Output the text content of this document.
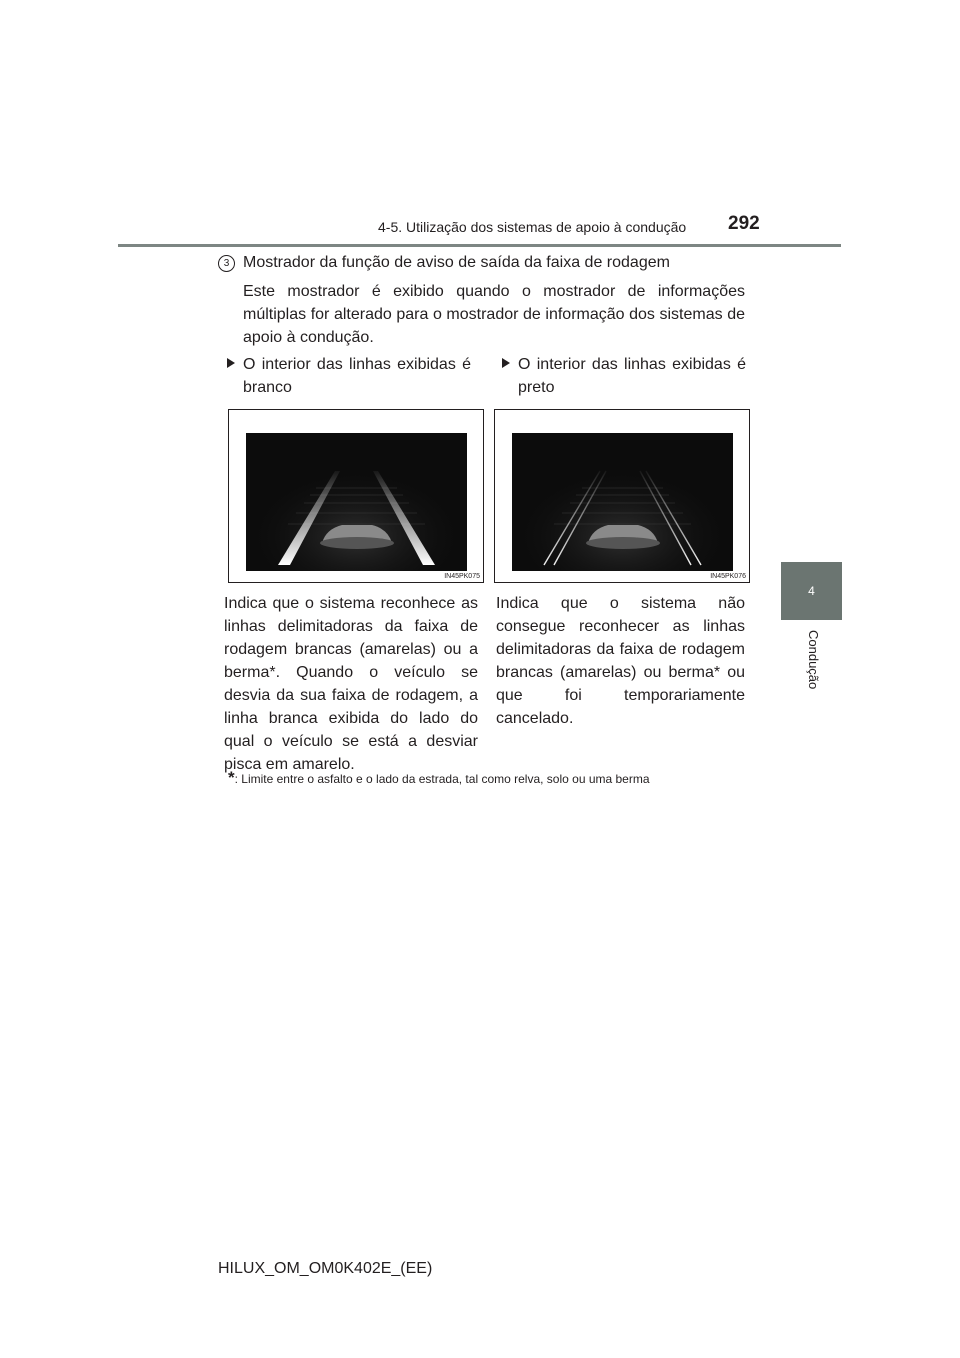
4-5. Utilização dos sistemas de apoio à condução 292
4
Condução
3 Mostrador da função de aviso de saída da faixa de rodagem
Este mostrador é exibido quando o mostrador de informações múltiplas for alterado para o mostrador de informação dos sistemas de apoio à condução.
O interior das linhas exibidas é branco
IN45PK075
Indica que o sistema reconhece as linhas delimitadoras da faixa de rodagem brancas (amarelas) ou a berma*. Quando o veículo se desvia da sua faixa de rodagem, a linha branca exibida do lado do qual o veículo se está a desviar pisca em amarelo.
O interior das linhas exibidas é preto
IN45PK076
Indica que o sistema não consegue reconhecer as linhas delimitadoras da faixa de rodagem brancas (amarelas) ou berma* ou que foi temporariamente cancelado.
*: Limite entre o asfalto e o lado da estrada, tal como relva, solo ou uma berma
HILUX_OM_OM0K402E_(EE)
